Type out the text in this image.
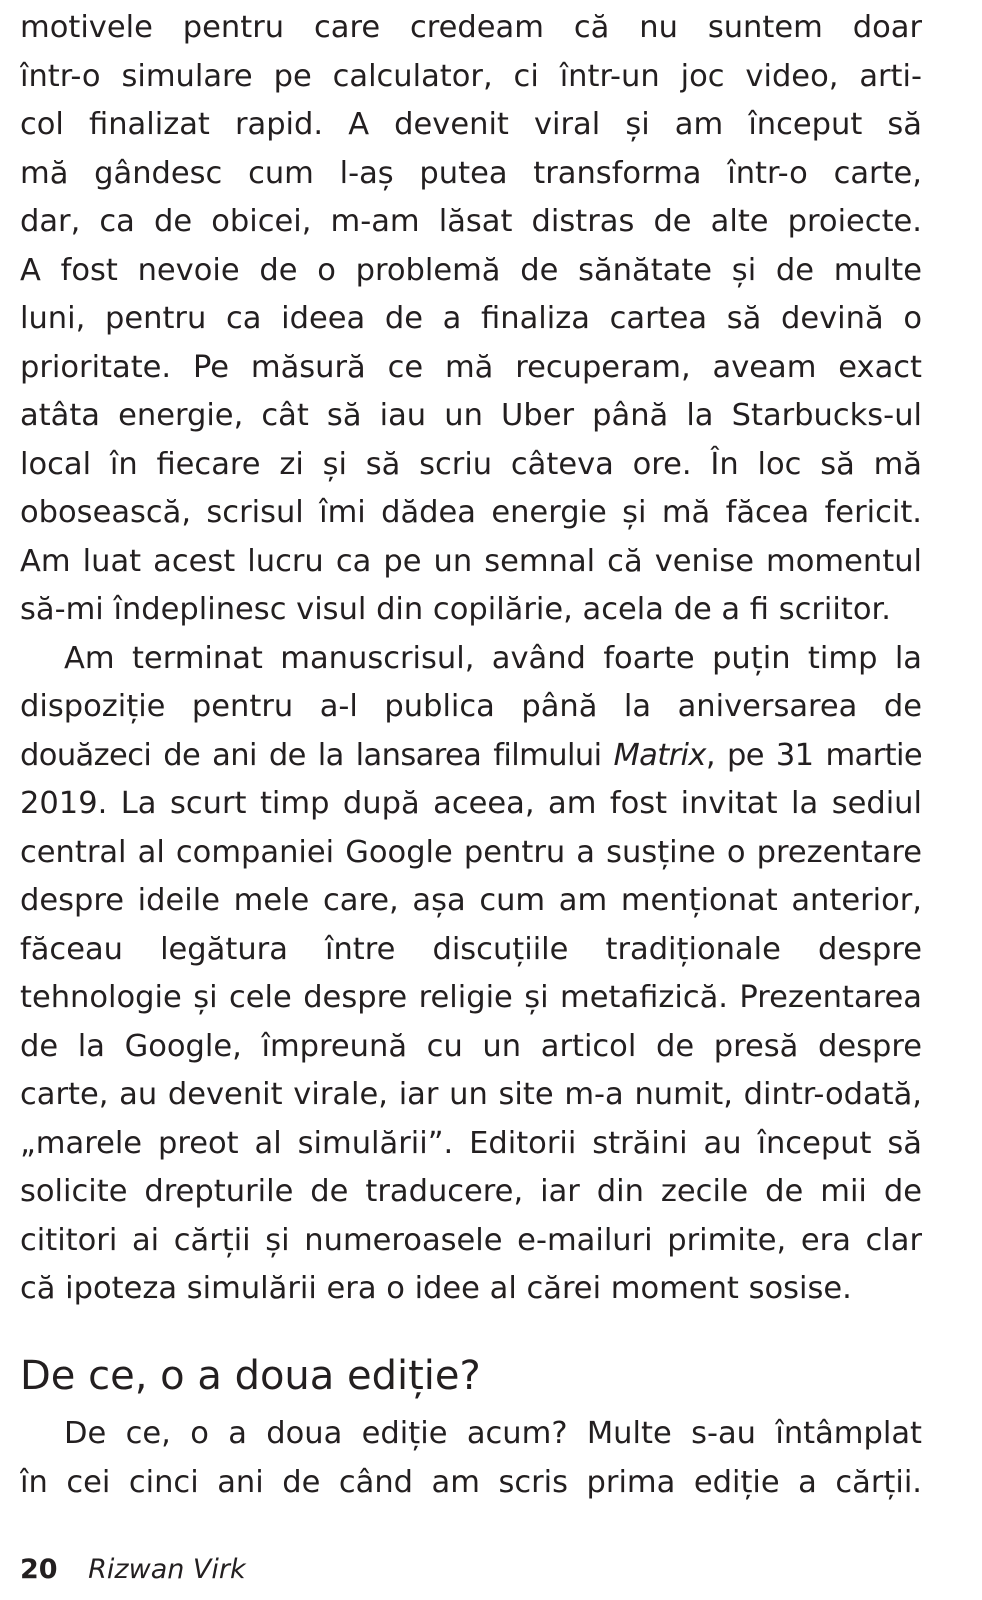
motivele pentru care credeam că nu suntem doar
într-o simulare pe calculator, ci într-un joc video, arti-
col finalizat rapid. A devenit viral și am început să
mă gândesc cum l-aș putea transforma într-o carte,
dar, ca de obicei, m-am lăsat distras de alte proiecte.
A fost nevoie de o problemă de sănătate și de multe
luni, pentru ca ideea de a finaliza cartea să devină o
prioritate. Pe măsură ce mă recuperam, aveam exact
atâta energie, cât să iau un Uber până la Starbucks-ul
local în fiecare zi și să scriu câteva ore. În loc să mă
obosească, scrisul îmi dădea energie și mă făcea fericit.
Am luat acest lucru ca pe un semnal că venise momentul
să-mi îndeplinesc visul din copilărie, acela de a fi scriitor.
Am terminat manuscrisul, având foarte puțin timp la
dispoziție pentru a-l publica până la aniversarea de
douăzeci de ani de la lansarea filmului Matrix, pe 31 martie
2019. La scurt timp după aceea, am fost invitat la sediul
central al companiei Google pentru a susține o prezentare
despre ideile mele care, așa cum am menționat anterior,
făceau legătura între discuțiile tradiționale despre
tehnologie și cele despre religie și metafizică. Prezentarea
de la Google, împreună cu un articol de presă despre
carte, au devenit virale, iar un site m-a numit, dintr-odată,
„marele preot al simulării”. Editorii străini au început să
solicite drepturile de traducere, iar din zecile de mii de
cititori ai cărții și numeroasele e-mailuri primite, era clar
că ipoteza simulării era o idee al cărei moment sosise.
De ce, o a doua ediție?
De ce, o a doua ediție acum? Multe s-au întâmplat
în cei cinci ani de când am scris prima ediție a cărții.
20 Rizwan Virk
